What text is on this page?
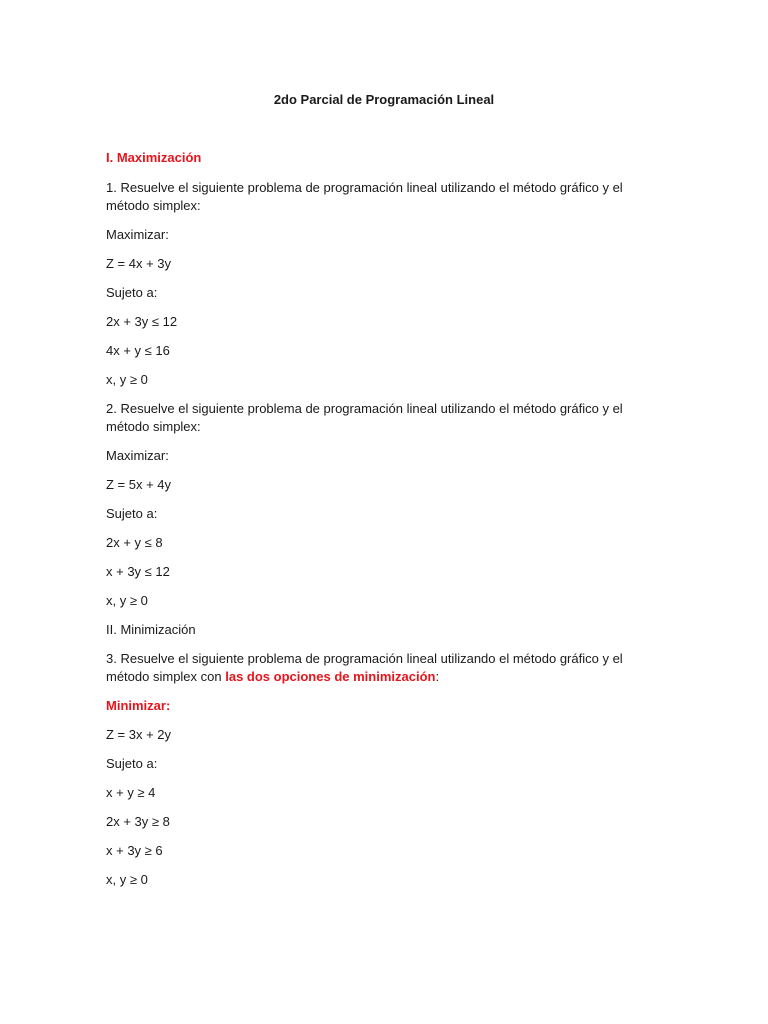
2do Parcial de Programación Lineal
I. Maximización

1. Resuelve el siguiente problema de programación lineal utilizando el método gráfico y el método simplex:

Maximizar:

Z = 4x + 3y

Sujeto a:

2x + 3y ≤ 12

4x + y ≤ 16

x, y ≥ 0

2. Resuelve el siguiente problema de programación lineal utilizando el método gráfico y el método simplex:

Maximizar:

Z = 5x + 4y

Sujeto a:

2x + y ≤ 8

x + 3y ≤ 12

x, y ≥ 0

II. Minimización

3. Resuelve el siguiente problema de programación lineal utilizando el método gráfico y el método simplex con las dos opciones de minimización:

Minimizar:

Z = 3x + 2y

Sujeto a:

x + y ≥ 4

2x + 3y ≥ 8

x + 3y ≥ 6

x, y ≥ 0
